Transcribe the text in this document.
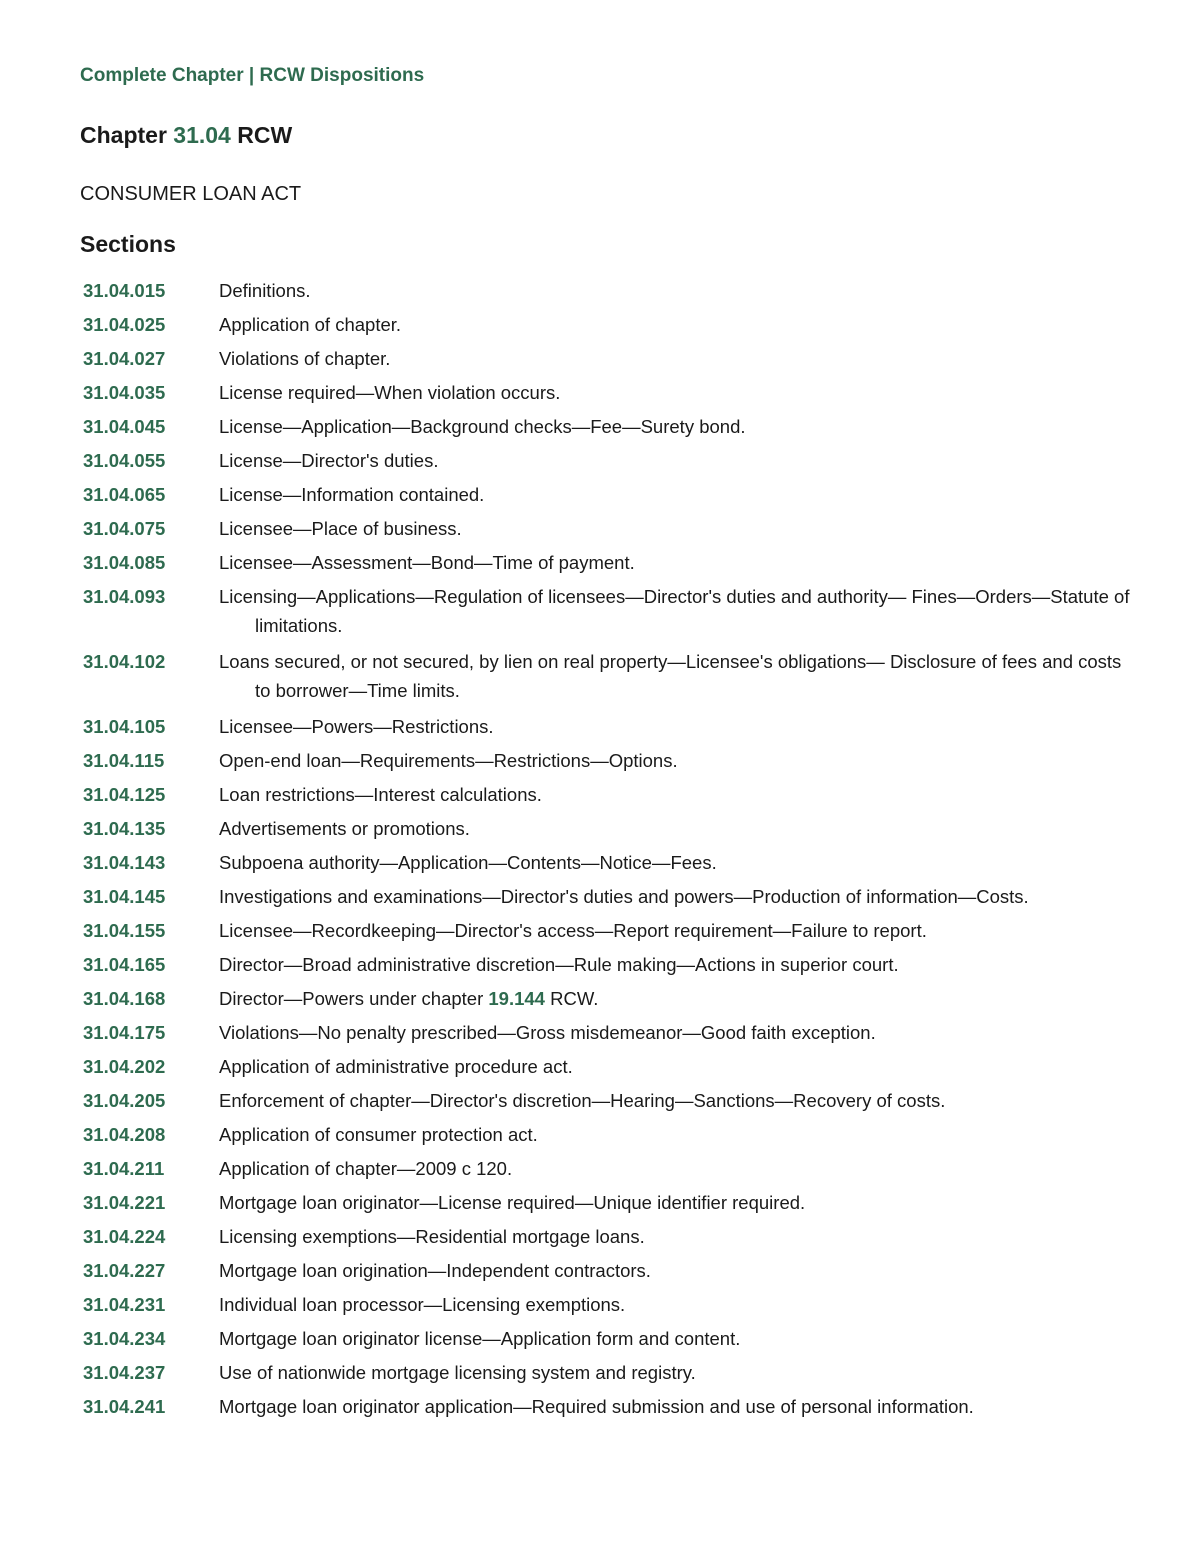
Complete Chapter | RCW Dispositions
Chapter 31.04 RCW
CONSUMER LOAN ACT
Sections
31.04.015	Definitions.
31.04.025	Application of chapter.
31.04.027	Violations of chapter.
31.04.035	License required—When violation occurs.
31.04.045	License—Application—Background checks—Fee—Surety bond.
31.04.055	License—Director's duties.
31.04.065	License—Information contained.
31.04.075	Licensee—Place of business.
31.04.085	Licensee—Assessment—Bond—Time of payment.
31.04.093	Licensing—Applications—Regulation of licensees—Director's duties and authority— Fines—Orders—Statute of limitations.
31.04.102	Loans secured, or not secured, by lien on real property—Licensee's obligations— Disclosure of fees and costs to borrower—Time limits.
31.04.105	Licensee—Powers—Restrictions.
31.04.115	Open-end loan—Requirements—Restrictions—Options.
31.04.125	Loan restrictions—Interest calculations.
31.04.135	Advertisements or promotions.
31.04.143	Subpoena authority—Application—Contents—Notice—Fees.
31.04.145	Investigations and examinations—Director's duties and powers—Production of information—Costs.
31.04.155	Licensee—Recordkeeping—Director's access—Report requirement—Failure to report.
31.04.165	Director—Broad administrative discretion—Rule making—Actions in superior court.
31.04.168	Director—Powers under chapter 19.144 RCW.
31.04.175	Violations—No penalty prescribed—Gross misdemeanor—Good faith exception.
31.04.202	Application of administrative procedure act.
31.04.205	Enforcement of chapter—Director's discretion—Hearing—Sanctions—Recovery of costs.
31.04.208	Application of consumer protection act.
31.04.211	Application of chapter—2009 c 120.
31.04.221	Mortgage loan originator—License required—Unique identifier required.
31.04.224	Licensing exemptions—Residential mortgage loans.
31.04.227	Mortgage loan origination—Independent contractors.
31.04.231	Individual loan processor—Licensing exemptions.
31.04.234	Mortgage loan originator license—Application form and content.
31.04.237	Use of nationwide mortgage licensing system and registry.
31.04.241	Mortgage loan originator application—Required submission and use of personal information.
